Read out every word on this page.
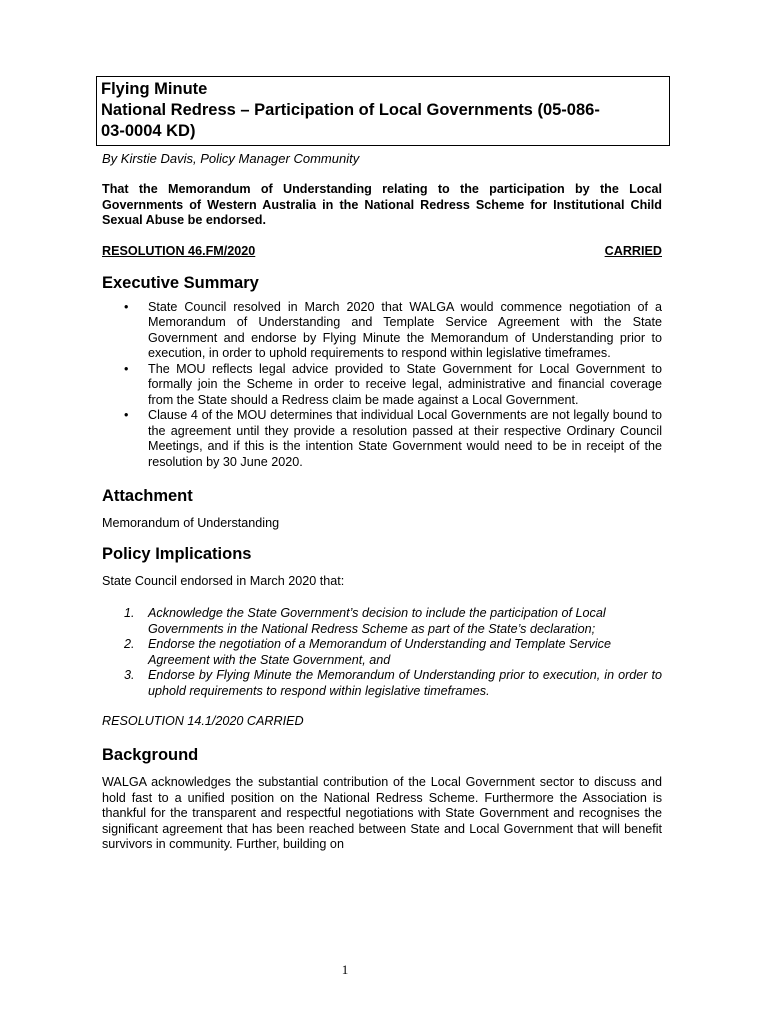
Flying Minute
National Redress – Participation of Local Governments (05-086-
03-0004 KD)
By Kirstie Davis, Policy Manager Community
That the Memorandum of Understanding relating to the participation by the Local Governments of Western Australia in the National Redress Scheme for Institutional Child Sexual Abuse be endorsed.
RESOLUTION 46.FM/2020	CARRIED
Executive Summary
• State Council resolved in March 2020 that WALGA would commence negotiation of a Memorandum of Understanding and Template Service Agreement with the State Government and endorse by Flying Minute the Memorandum of Understanding prior to execution, in order to uphold requirements to respond within legislative timeframes.
• The MOU reflects legal advice provided to State Government for Local Government to formally join the Scheme in order to receive legal, administrative and financial coverage from the State should a Redress claim be made against a Local Government.
• Clause 4 of the MOU determines that individual Local Governments are not legally bound to the agreement until they provide a resolution passed at their respective Ordinary Council Meetings, and if this is the intention State Government would need to be in receipt of the resolution by 30 June 2020.
Attachment
Memorandum of Understanding
Policy Implications
State Council endorsed in March 2020 that:
1. Acknowledge the State Government’s decision to include the participation of Local
Governments in the National Redress Scheme as part of the State’s declaration;
2. Endorse the negotiation of a Memorandum of Understanding and Template Service
Agreement with the State Government, and
3. Endorse by Flying Minute the Memorandum of Understanding prior to execution, in order to uphold requirements to respond within legislative timeframes.
RESOLUTION 14.1/2020 CARRIED
Background
WALGA acknowledges the substantial contribution of the Local Government sector to discuss and hold fast to a unified position on the National Redress Scheme. Furthermore the Association is thankful for the transparent and respectful negotiations with State Government and recognises the significant agreement that has been reached between State and Local Government that will benefit survivors in community. Further, building on
1
